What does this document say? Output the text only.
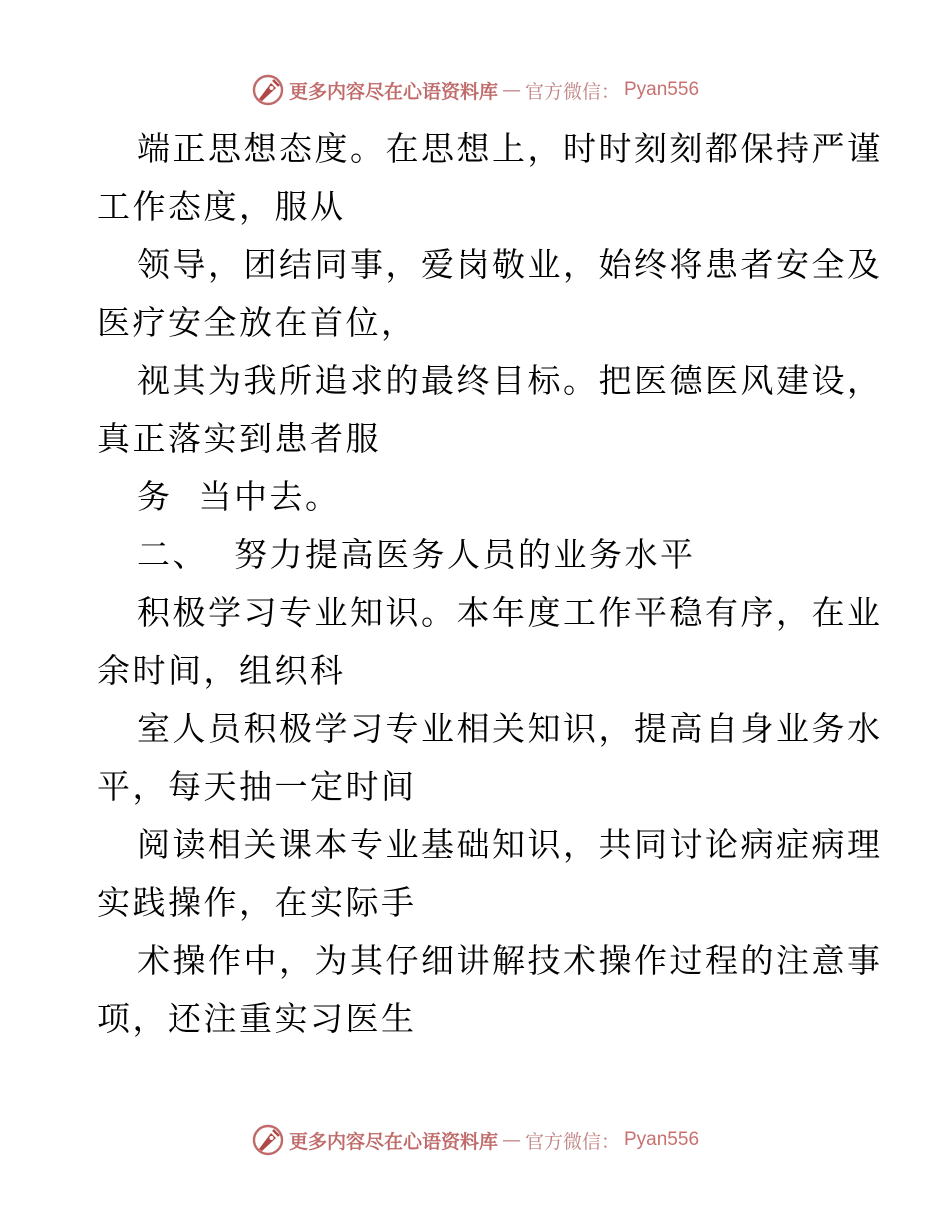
更多内容尽在心语资料库 — 官方微信： Pyan556
端正思想态度。在思想上，时时刻刻都保持严谨
工作态度，服从
领导，团结同事，爱岗敬业，始终将患者安全及
医疗安全放在首位，
视其为我所追求的最终目标。把医德医风建设，
真正落实到患者服
务  当中去。
二、  努力提高医务人员的业务水平
积极学习专业知识。本年度工作平稳有序，在业
余时间，组织科
室人员积极学习专业相关知识，提高自身业务水
平，每天抽一定时间
阅读相关课本专业基础知识，共同讨论病症病理
实践操作，在实际手
术操作中，为其仔细讲解技术操作过程的注意事
项，还注重实习医生
更多内容尽在心语资料库 — 官方微信： Pyan556
